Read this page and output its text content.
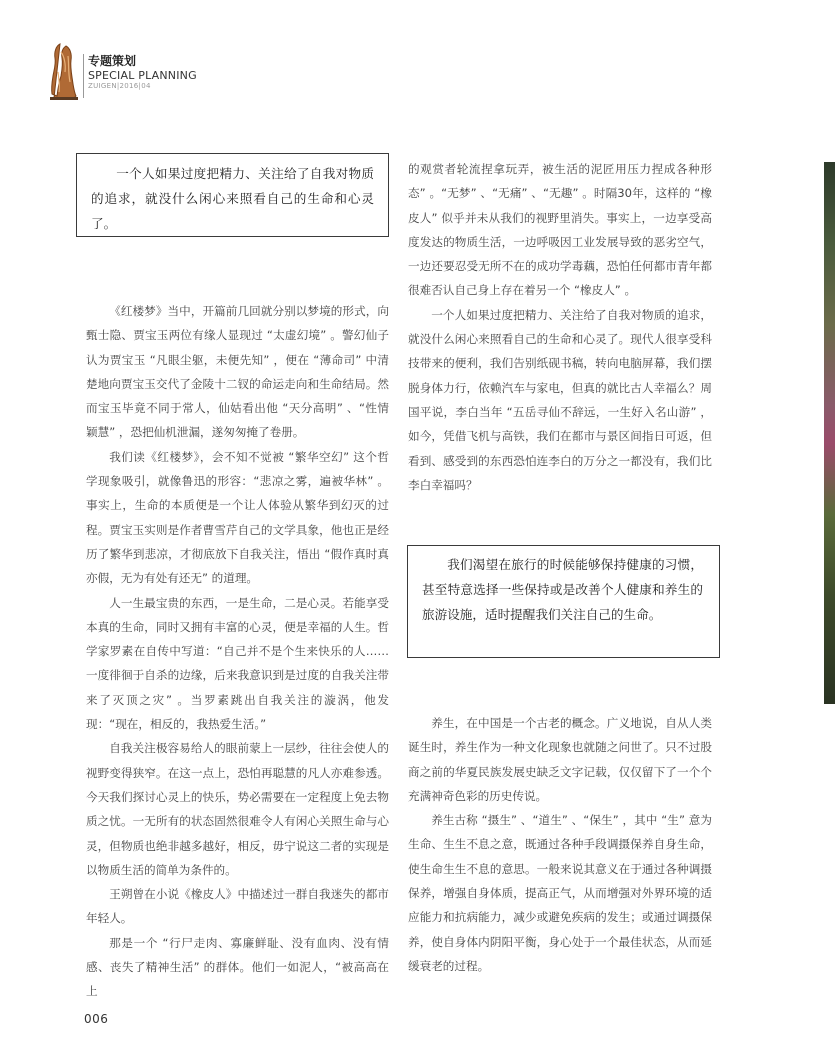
专题策划
SPECIAL PLANNING
ZUIGEN|2016|04

一个人如果过度把精力、关注给了自我对物质的追求，就没什么闲心来照看自己的生命和心灵了。

《红楼梦》当中，开篇前几回就分别以梦境的形式，向甄士隐、贾宝玉两位有缘人显现过 “太虚幻境” 。警幻仙子认为贾宝玉 “凡眼尘躯，未便先知” ，便在 “薄命司” 中清楚地向贾宝玉交代了金陵十二钗的命运走向和生命结局。然而宝玉毕竟不同于常人，仙姑看出他 “天分高明” 、“性情颖慧” ，恐把仙机泄漏，遂匆匆掩了卷册。

我们读《红楼梦》，会不知不觉被 “繁华空幻” 这个哲学现象吸引，就像鲁迅的形容：“悲凉之雾，遍被华林” 。事实上，生命的本质便是一个让人体验从繁华到幻灭的过程。贾宝玉实则是作者曹雪芹自己的文学具象，他也正是经历了繁华到悲凉，才彻底放下自我关注，悟出 “假作真时真亦假，无为有处有还无” 的道理。

人一生最宝贵的东西，一是生命，二是心灵。若能享受本真的生命，同时又拥有丰富的心灵，便是幸福的人生。哲学家罗素在自传中写道：“自己并不是个生来快乐的人……一度徘徊于自杀的边缘，后来我意识到是过度的自我关注带来了灭顶之灾” 。当罗素跳出自我关注的漩涡，他发现：“现在，相反的，我热爱生活。”

自我关注极容易给人的眼前蒙上一层纱，往往会使人的视野变得狭窄。在这一点上，恐怕再聪慧的凡人亦难参透。今天我们探讨心灵上的快乐，势必需要在一定程度上免去物质之忧。一无所有的状态固然很难令人有闲心关照生命与心灵，但物质也绝非越多越好，相反，毋宁说这二者的实现是以物质生活的简单为条件的。

王朔曾在小说《橡皮人》中描述过一群自我迷失的都市年轻人。

那是一个 “行尸走肉、寡廉鲜耻、没有血肉、没有情感、丧失了精神生活” 的群体。他们一如泥人，“被高高在上

的观赏者轮流捏拿玩弄，被生活的泥匠用压力捏成各种形态” 。“无梦” 、“无痛” 、“无趣” 。时隔30年，这样的 “橡皮人” 似乎并未从我们的视野里消失。事实上，一边享受高度发达的物质生活，一边呼吸因工业发展导致的恶劣空气，一边还要忍受无所不在的成功学毒藕，恐怕任何都市青年都很难否认自己身上存在着另一个 “橡皮人” 。

一个人如果过度把精力、关注给了自我对物质的追求，就没什么闲心来照看自己的生命和心灵了。现代人很享受科技带来的便利，我们告别纸砚书稿，转向电脑屏幕，我们摆脱身体力行，依赖汽车与家电，但真的就比古人幸福么？周国平说，李白当年 “五岳寻仙不辞远，一生好入名山游” ，如今，凭借飞机与高铁，我们在都市与景区间指日可返，但看到、感受到的东西恐怕连李白的万分之一都没有，我们比李白幸福吗？

我们渴望在旅行的时候能够保持健康的习惯，甚至特意选择一些保持或是改善个人健康和养生的旅游设施，适时提醒我们关注自己的生命。

养生，在中国是一个古老的概念。广义地说，自从人类诞生时，养生作为一种文化现象也就随之问世了。只不过股商之前的华夏民族发展史缺乏文字记载，仅仅留下了一个个充满神奇色彩的历史传说。

养生古称 “摄生” 、“道生” 、“保生” ，其中 “生” 意为生命、生生不息之意，既通过各种手段调摄保养自身生命，使生命生生不息的意思。一般来说其意义在于通过各种调摄保养，增强自身体质，提高正气，从而增强对外界环境的适应能力和抗病能力，减少或避免疾病的发生；或通过调摄保养，使自身体内阴阳平衡，身心处于一个最佳状态，从而延缓衰老的过程。

006
